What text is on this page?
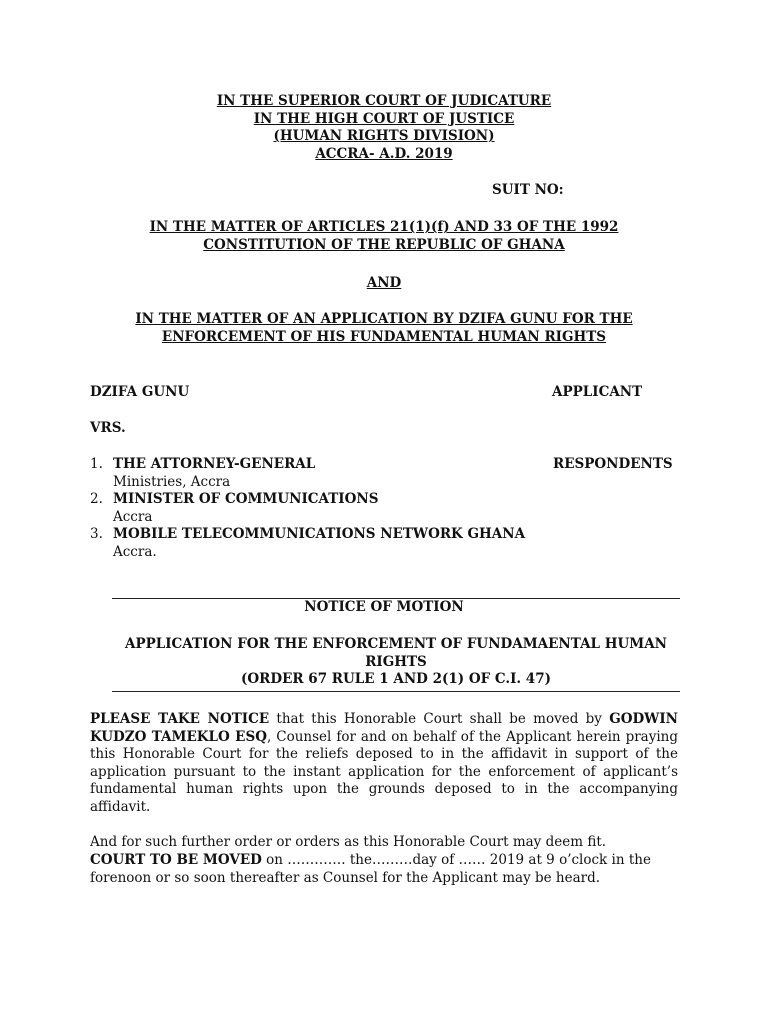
IN THE SUPERIOR COURT OF JUDICATURE
IN THE HIGH COURT OF JUSTICE
(HUMAN RIGHTS DIVISION)
ACCRA- A.D. 2019
SUIT NO:
IN THE MATTER OF ARTICLES 21(1)(f) AND 33 OF THE 1992
CONSTITUTION OF THE REPUBLIC OF GHANA
AND
IN THE MATTER OF AN APPLICATION BY DZIFA GUNU FOR THE
ENFORCEMENT OF HIS FUNDAMENTAL HUMAN RIGHTS
DZIFA GUNU	APPLICANT
VRS.
RESPONDENTS
1. THE ATTORNEY-GENERAL
Ministries, Accra
2. MINISTER OF COMMUNICATIONS
Accra
3. MOBILE TELECOMMUNICATIONS NETWORK GHANA
Accra.
NOTICE OF MOTION
APPLICATION FOR THE ENFORCEMENT OF FUNDAMAENTAL HUMAN RIGHTS
(ORDER 67 RULE 1 AND 2(1) OF C.I. 47)
PLEASE TAKE NOTICE that this Honorable Court shall be moved by GODWIN KUDZO TAMEKLO ESQ, Counsel for and on behalf of the Applicant herein praying this Honorable Court for the reliefs deposed to in the affidavit in support of the application pursuant to the instant application for the enforcement of applicant’s fundamental human rights upon the grounds deposed to in the accompanying affidavit.
And for such further order or orders as this Honorable Court may deem fit.
COURT TO BE MOVED on …………. the………day of …… 2019 at 9 o’clock in the forenoon or so soon thereafter as Counsel for the Applicant may be heard.
